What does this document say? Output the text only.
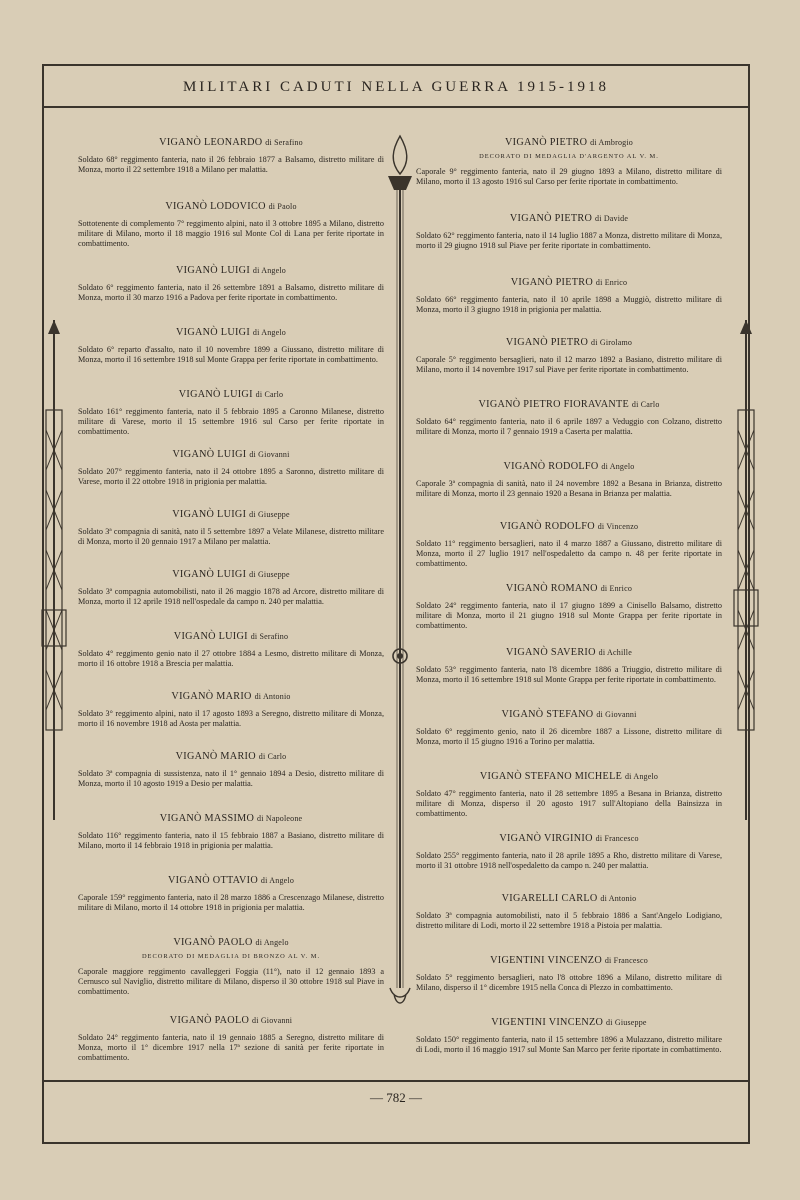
MILITARI CADUTI NELLA GUERRA 1915-1918
VIGANÒ LEONARDO di Serafino
Soldato 68° reggimento fanteria, nato il 26 febbraio 1877 a Balsamo, distretto militare di Monza, morto il 22 settembre 1918 a Milano per malattia.
VIGANÒ LODOVICO di Paolo
Sottotenente di complemento 7° reggimento alpini, nato il 3 ottobre 1895 a Milano, distretto militare di Milano, morto il 18 maggio 1916 sul Monte Col di Lana per ferite riportate in combattimento.
VIGANÒ LUIGI di Angelo
Soldato 6° reggimento fanteria, nato il 26 settembre 1891 a Balsamo, distretto militare di Monza, morto il 30 marzo 1916 a Padova per ferite riportate in combattimento.
VIGANÒ LUIGI di Angelo
Soldato 6° reparto d'assalto, nato il 10 novembre 1899 a Giussano, distretto militare di Monza, morto il 16 settembre 1918 sul Monte Grappa per ferite riportate in combattimento.
VIGANÒ LUIGI di Carlo
Soldato 161° reggimento fanteria, nato il 5 febbraio 1895 a Caronno Milanese, distretto militare di Varese, morto il 15 settembre 1916 sul Carso per ferite riportate in combattimento.
VIGANÒ LUIGI di Giovanni
Soldato 207° reggimento fanteria, nato il 24 ottobre 1895 a Saronno, distretto militare di Varese, morto il 22 ottobre 1918 in prigionia per malattia.
VIGANÒ LUIGI di Giuseppe
Soldato 3ª compagnia di sanità, nato il 5 settembre 1897 a Velate Milanese, distretto militare di Monza, morto il 20 gennaio 1917 a Milano per malattia.
VIGANÒ LUIGI di Giuseppe
Soldato 3ª compagnia automobilisti, nato il 26 maggio 1878 ad Arcore, distretto militare di Monza, morto il 12 aprile 1918 nell'ospedale da campo n. 240 per malattia.
VIGANÒ LUIGI di Serafino
Soldato 4° reggimento genio nato il 27 ottobre 1884 a Lesmo, distretto militare di Monza, morto il 16 ottobre 1918 a Brescia per malattia.
VIGANÒ MARIO di Antonio
Soldato 3° reggimento alpini, nato il 17 agosto 1893 a Seregno, distretto militare di Monza, morto il 16 novembre 1918 ad Aosta per malattia.
VIGANÒ MARIO di Carlo
Soldato 3ª compagnia di sussistenza, nato il 1° gennaio 1894 a Desio, distretto militare di Monza, morto il 10 agosto 1919 a Desio per malattia.
VIGANÒ MASSIMO di Napoleone
Soldato 116° reggimento fanteria, nato il 15 febbraio 1887 a Basiano, distretto militare di Milano, morto il 14 febbraio 1918 in prigionia per malattia.
VIGANÒ OTTAVIO di Angelo
Caporale 159° reggimento fanteria, nato il 28 marzo 1886 a Crescenzago Milanese, distretto militare di Milano, morto il 14 ottobre 1918 in prigionia per malattia.
VIGANÒ PAOLO di Angelo
DECORATO DI MEDAGLIA DI BRONZO AL V. M.
Caporale maggiore reggimento cavalleggeri Foggia (11°), nato il 12 gennaio 1893 a Cernusco sul Naviglio, distretto militare di Milano, disperso il 30 ottobre 1918 sul Piave in combattimento.
VIGANÒ PAOLO di Giovanni
Soldato 24° reggimento fanteria, nato il 19 gennaio 1885 a Seregno, distretto militare di Monza, morto il 1° dicembre 1917 nella 17ª sezione di sanità per ferite riportate in combattimento.
VIGANÒ PIETRO di Ambrogio
DECORATO DI MEDAGLIA D'ARGENTO AL V. M.
Caporale 9° reggimento fanteria, nato il 29 giugno 1893 a Milano, distretto militare di Milano, morto il 13 agosto 1916 sul Carso per ferite riportate in combattimento.
VIGANÒ PIETRO di Davide
Soldato 62° reggimento fanteria, nato il 14 luglio 1887 a Monza, distretto militare di Monza, morto il 29 giugno 1918 sul Piave per ferite riportate in combattimento.
VIGANÒ PIETRO di Enrico
Soldato 66° reggimento fanteria, nato il 10 aprile 1898 a Muggiò, distretto militare di Monza, morto il 3 giugno 1918 in prigionia per malattia.
VIGANÒ PIETRO di Girolamo
Caporale 5° reggimento bersaglieri, nato il 12 marzo 1892 a Basiano, distretto militare di Milano, morto il 14 novembre 1917 sul Piave per ferite riportate in combattimento.
VIGANÒ PIETRO FIORAVANTE di Carlo
Soldato 64° reggimento fanteria, nato il 6 aprile 1897 a Veduggio con Colzano, distretto militare di Monza, morto il 7 gennaio 1919 a Caserta per malattia.
VIGANÒ RODOLFO di Angelo
Caporale 3ª compagnia di sanità, nato il 24 novembre 1892 a Besana in Brianza, distretto militare di Monza, morto il 23 gennaio 1920 a Besana in Brianza per malattia.
VIGANÒ RODOLFO di Vincenzo
Soldato 11° reggimento bersaglieri, nato il 4 marzo 1887 a Giussano, distretto militare di Monza, morto il 27 luglio 1917 nell'ospedaletto da campo n. 48 per ferite riportate in combattimento.
VIGANÒ ROMANO di Enrico
Soldato 24° reggimento fanteria, nato il 17 giugno 1899 a Cinisello Balsamo, distretto militare di Monza, morto il 21 giugno 1918 sul Monte Grappa per ferite riportate in combattimento.
VIGANÒ SAVERIO di Achille
Soldato 53° reggimento fanteria, nato l'8 dicembre 1886 a Triuggio, distretto militare di Monza, morto il 16 settembre 1918 sul Monte Grappa per ferite riportate in combattimento.
VIGANÒ STEFANO di Giovanni
Soldato 6° reggimento genio, nato il 26 dicembre 1887 a Lissone, distretto militare di Monza, morto il 15 giugno 1916 a Torino per malattia.
VIGANÒ STEFANO MICHELE di Angelo
Soldato 47° reggimento fanteria, nato il 28 settembre 1895 a Besana in Brianza, distretto militare di Monza, disperso il 20 agosto 1917 sull'Altopiano della Bainsizza in combattimento.
VIGANÒ VIRGINIO di Francesco
Soldato 255° reggimento fanteria, nato il 28 aprile 1895 a Rho, distretto militare di Varese, morto il 31 ottobre 1918 nell'ospedaletto da campo n. 240 per malattia.
VIGARELLI CARLO di Antonio
Soldato 3ª compagnia automobilisti, nato il 5 febbraio 1886 a Sant'Angelo Lodigiano, distretto militare di Lodi, morto il 22 settembre 1918 a Pistoia per malattia.
VIGENTINI VINCENZO di Francesco
Soldato 5° reggimento bersaglieri, nato l'8 ottobre 1896 a Milano, distretto militare di Milano, disperso il 1° dicembre 1915 nella Conca di Plezzo in combattimento.
VIGENTINI VINCENZO di Giuseppe
Soldato 150° reggimento fanteria, nato il 15 settembre 1896 a Mulazzano, distretto militare di Lodi, morto il 16 maggio 1917 sul Monte San Marco per ferite riportate in combattimento.
— 782 —
